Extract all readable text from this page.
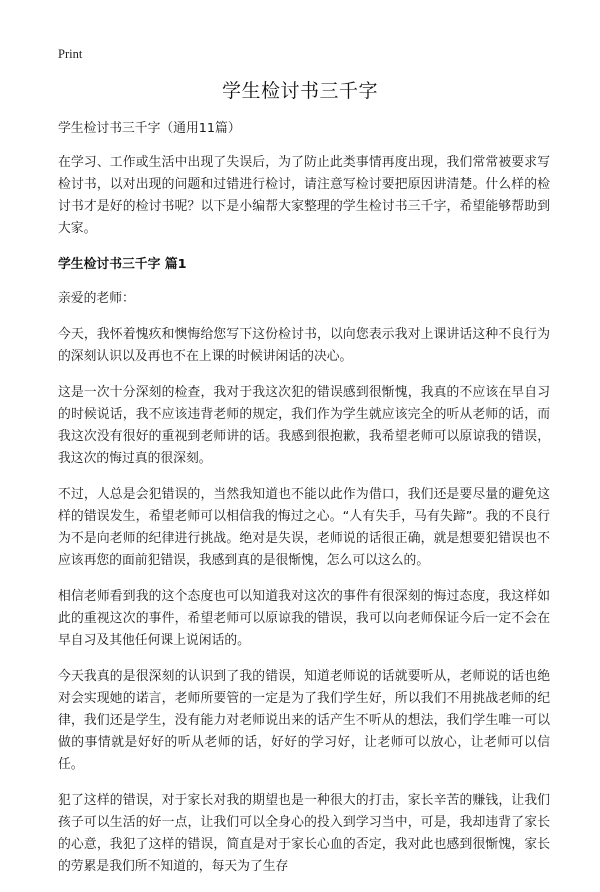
Print
学生检讨书三千字

学生检讨书三千字（通用11篇）

在学习、工作或生活中出现了失误后，为了防止此类事情再度出现，我们常常被要求写检讨书，以对出现的问题和过错进行检讨，请注意写检讨要把原因讲清楚。什么样的检讨书才是好的检讨书呢？以下是小编帮大家整理的学生检讨书三千字，希望能够帮助到大家。

学生检讨书三千字 篇1

亲爱的老师：

今天，我怀着愧疚和懊悔给您写下这份检讨书，以向您表示我对上课讲话这种不良行为的深刻认识以及再也不在上课的时候讲闲话的决心。

这是一次十分深刻的检查，我对于我这次犯的错误感到很惭愧，我真的不应该在早自习的时候说话，我不应该违背老师的规定，我们作为学生就应该完全的听从老师的话，而我这次没有很好的重视到老师讲的话。我感到很抱歉，我希望老师可以原谅我的错误，我这次的悔过真的很深刻。

不过，人总是会犯错误的，当然我知道也不能以此作为借口，我们还是要尽量的避免这样的错误发生，希望老师可以相信我的悔过之心。“人有失手，马有失蹄”。我的不良行为不是向老师的纪律进行挑战。绝对是失误，老师说的话很正确，就是想要犯错误也不应该再您的面前犯错误，我感到真的是很惭愧，怎么可以这么的。

相信老师看到我的这个态度也可以知道我对这次的事件有很深刻的悔过态度，我这样如此的重视这次的事件，希望老师可以原谅我的错误，我可以向老师保证今后一定不会在早自习及其他任何课上说闲话的。

今天我真的是很深刻的认识到了我的错误，知道老师说的话就要听从，老师说的话也绝对会实现她的诺言，老师所要管的一定是为了我们学生好，所以我们不用挑战老师的纪律，我们还是学生，没有能力对老师说出来的话产生不听从的想法，我们学生唯一可以做的事情就是好好的听从老师的话，好好的学习好，让老师可以放心，让老师可以信任。

犯了这样的错误，对于家长对我的期望也是一种很大的打击，家长辛苦的赚钱，让我们孩子可以生活的好一点，让我们可以全身心的投入到学习当中，可是，我却违背了家长的心意，我犯了这样的错误，简直是对于家长心血的否定，我对此也感到很惭愧，家长的劳累是我们所不知道的，每天为了生存
